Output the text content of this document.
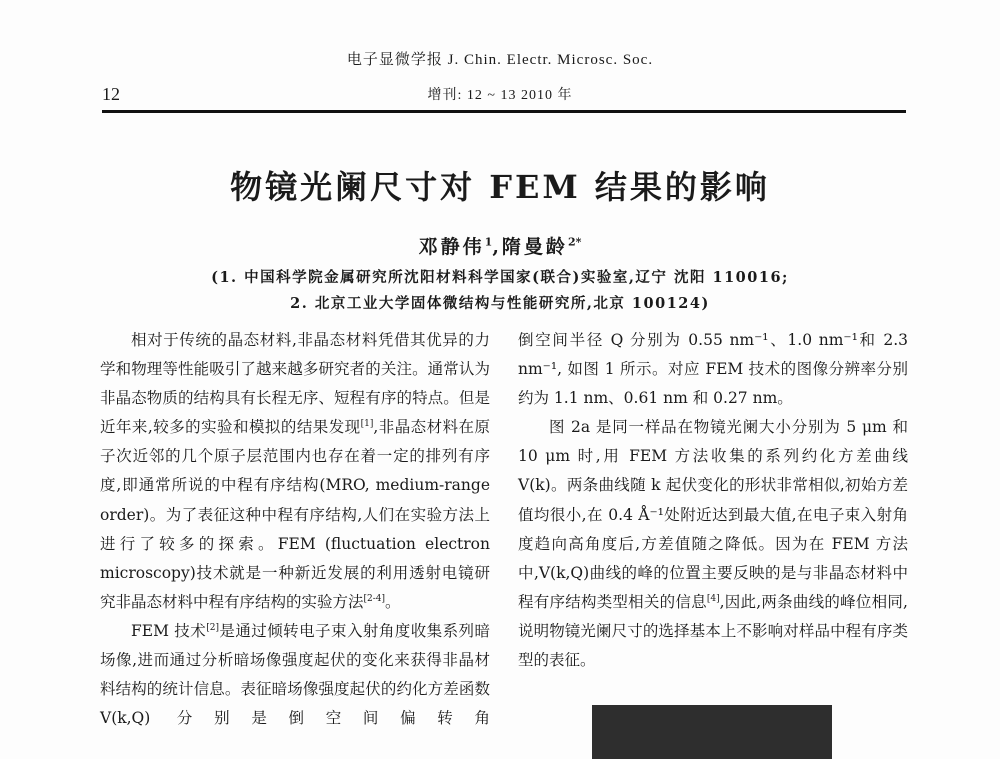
电子显微学报 J. Chin. Electr. Microsc. Soc.
12	增刊: 12 ~ 13 2010 年
物镜光阑尺寸对 FEM 结果的影响
邓静伟$^1$,隋曼龄$^{2*}$
(1. 中国科学院金属研究所沈阳材料科学国家(联合)实验室,辽宁 沈阳 110016;
2. 北京工业大学固体微结构与性能研究所,北京 100124)

相对于传统的晶态材料,非晶态材料凭借其优异的力学和物理等性能吸引了越来越多研究者的关注。通常认为非晶态物质的结构具有长程无序、短程有序的特点。但是近年来,较多的实验和模拟的结果发现[1],非晶态材料在原子次近邻的几个原子层范围内也存在着一定的排列有序度,即通常所说的中程有序结构(MRO, medium-range order)。为了表征这种中程有序结构,人们在实验方法上进行了较多的探索。FEM (fluctuation electron microscopy)技术就是一种新近发展的利用透射电镜研究非晶态材料中程有序结构的实验方法[2-4]。

FEM 技术[2]是通过倾转电子束入射角度收集系列暗场像,进而通过分析暗场像强度起伏的变化来获得非晶材料结构的统计信息。表征暗场像强度起伏的约化方差函数 V(k,Q) 分别是倒空间偏转角

倒空间半径 Q 分别为 0.55 nm⁻¹、1.0 nm⁻¹和 2.3 nm⁻¹, 如图 1 所示。对应 FEM 技术的图像分辨率分别约为 1.1 nm、0.61 nm 和 0.27 nm。

图 2a 是同一样品在物镜光阑大小分别为 5 μm 和 10 μm 时,用 FEM 方法收集的系列约化方差曲线 V(k)。两条曲线随 k 起伏变化的形状非常相似,初始方差值均很小,在 0.4 Å⁻¹处附近达到最大值,在电子束入射角度趋向高角度后,方差值随之降低。因为在 FEM 方法中,V(k,Q)曲线的峰的位置主要反映的是与非晶态材料中程有序结构类型相关的信息[4],因此,两条曲线的峰位相同,说明物镜光阑尺寸的选择基本上不影响对样品中程有序类型的表征。
